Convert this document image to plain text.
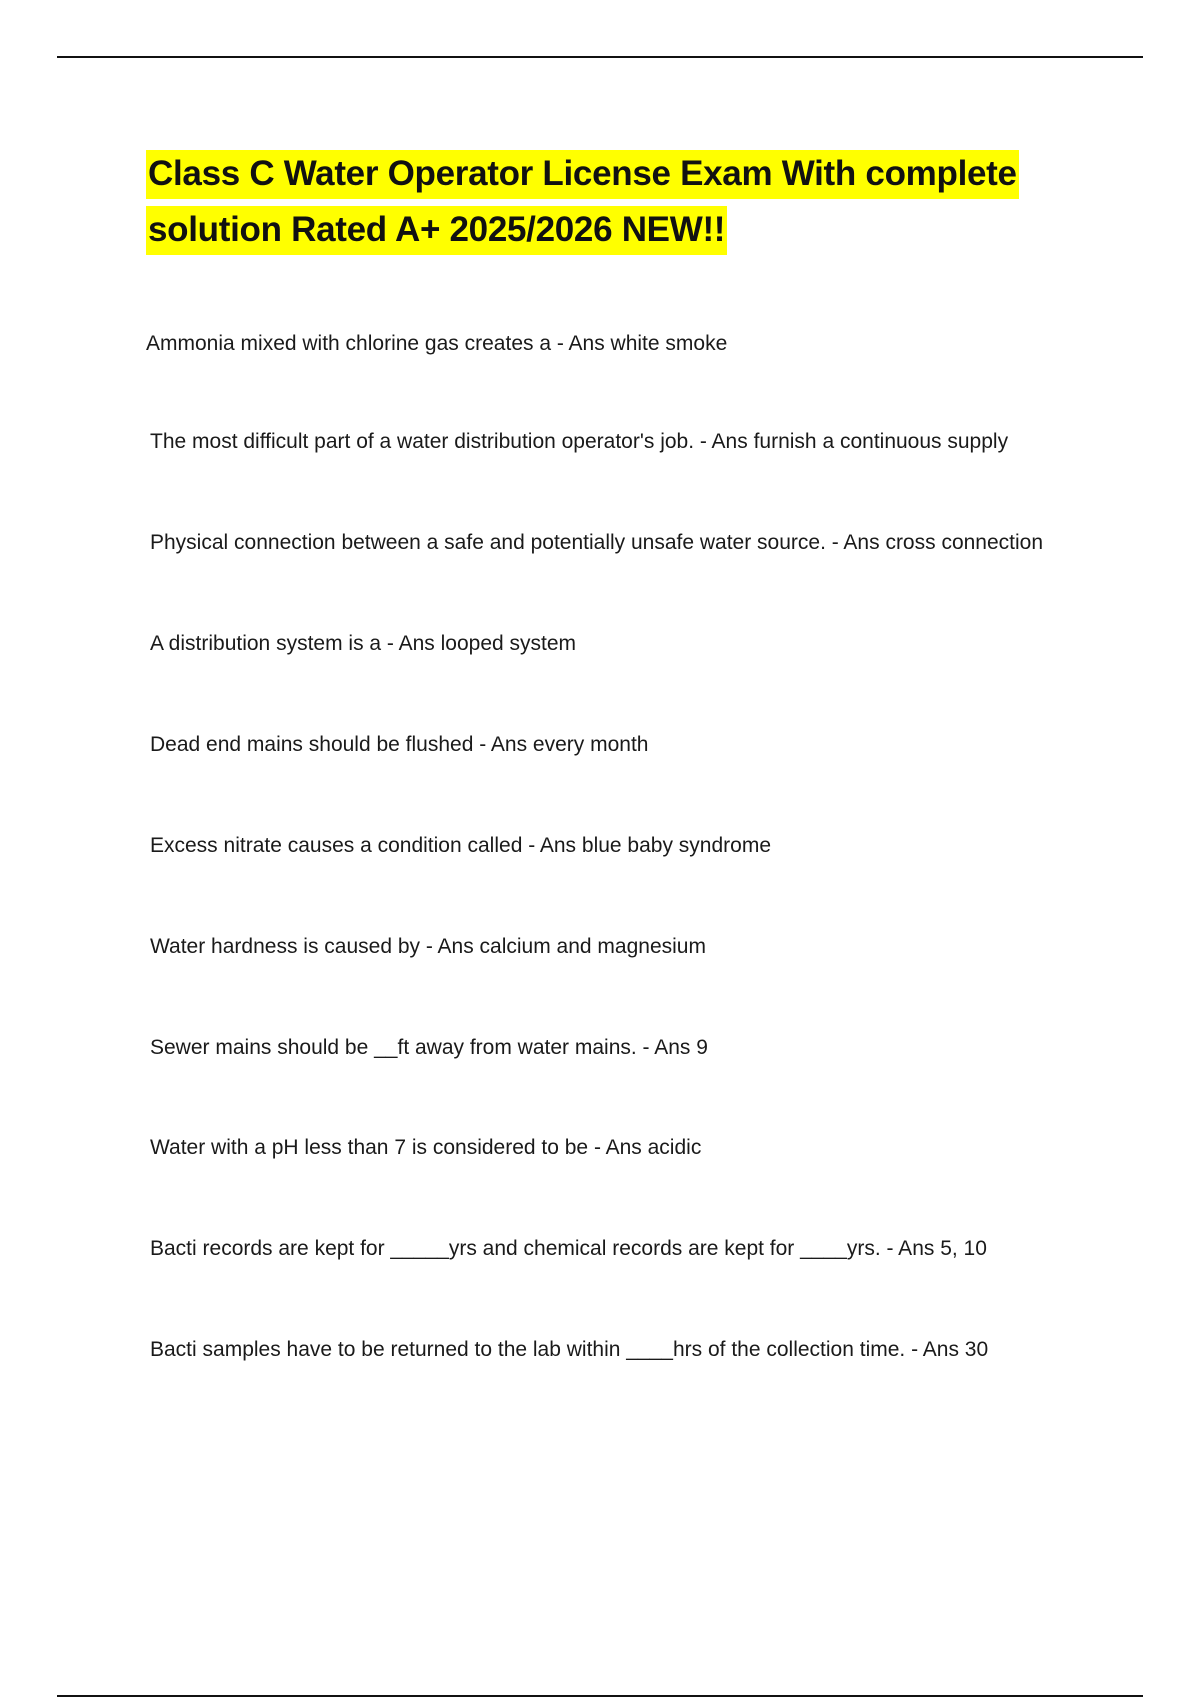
Class C Water Operator License Exam With complete solution Rated A+ 2025/2026 NEW!!
Ammonia mixed with chlorine gas creates a - Ans white smoke
The most difficult part of a water distribution operator's job. - Ans furnish a continuous supply
Physical connection between a safe and potentially unsafe water source. - Ans cross connection
A distribution system is a - Ans looped system
Dead end mains should be flushed - Ans every month
Excess nitrate causes a condition called - Ans blue baby syndrome
Water hardness is caused by - Ans calcium and magnesium
Sewer mains should be __ft away from water mains. - Ans 9
Water with a pH less than 7 is considered to be - Ans acidic
Bacti records are kept for _____yrs and chemical records are kept for ____yrs. - Ans 5, 10
Bacti samples have to be returned to the lab within ____hrs of the collection time. - Ans 30
